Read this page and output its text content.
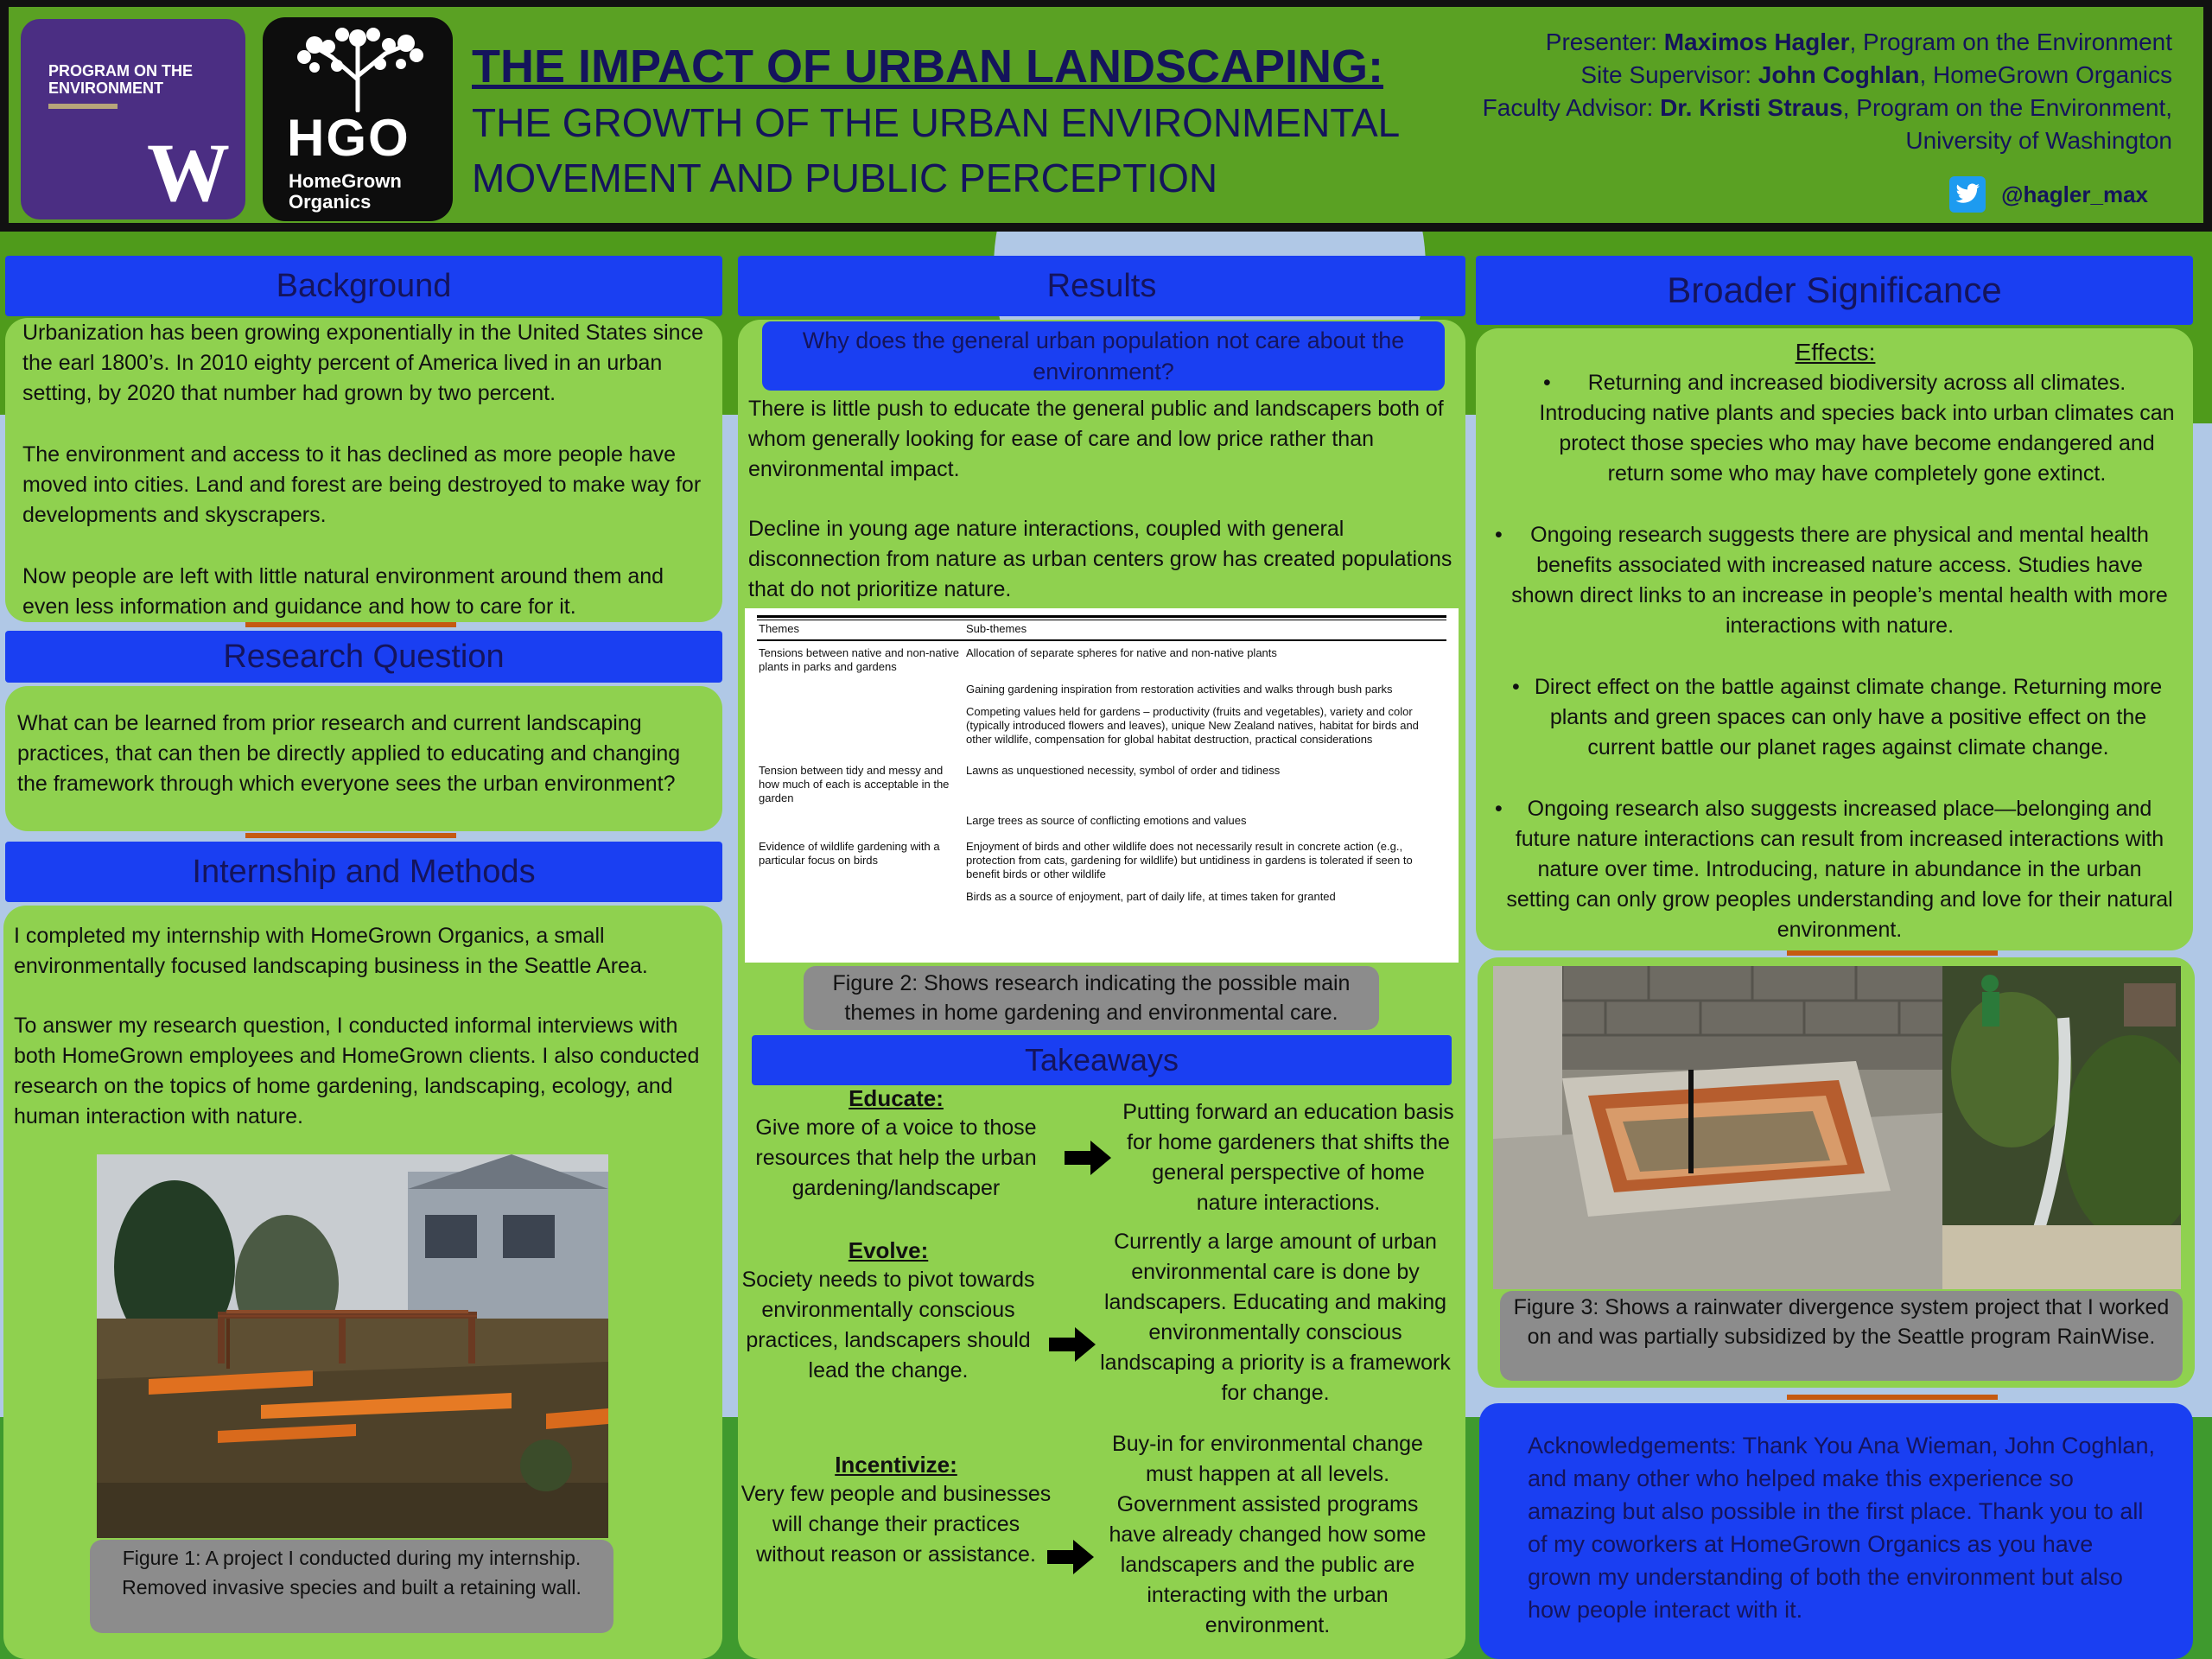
PROGRAM ON THE ENVIRONMENT
W HGO
HomeGrown Organics
THE IMPACT OF URBAN LANDSCAPING:
THE GROWTH OF THE URBAN ENVIRONMENTAL
MOVEMENT AND PUBLIC PERCEPTION
Presenter: Maximos Hagler, Program on the Environment
Site Supervisor: John Coghlan, HomeGrown Organics
Faculty Advisor: Dr. Kristi Straus, Program on the Environment,
University of Washington
@hagler_max
Background

Urbanization has been growing exponentially in the United States since the earl 1800’s. In 2010 eighty percent of America lived in an urban setting, by 2020 that number had grown by two percent.

The environment and access to it has declined as more people have moved into cities. Land and forest are being destroyed to make way for developments and skyscrapers.

Now people are left with little natural environment around them and even less information and guidance and how to care for it.

Research Question

What can be learned from prior research and current landscaping practices, that can then be directly applied to educating and changing the framework through which everyone sees the urban environment?

Internship and Methods

I completed my internship with HomeGrown Organics, a small environmentally focused landscaping business in the Seattle Area.

To answer my research question, I conducted informal interviews with both HomeGrown employees and HomeGrown clients. I also conducted research on the topics of home gardening, landscaping, ecology, and human interaction with nature.

Figure 1: A project I conducted during my internship. Removed invasive species and built a retaining wall.
Results

There is little push to educate the general public and landscapers both of whom generally looking for ease of care and low price rather than environmental impact.

Decline in young age nature interactions, coupled with general disconnection from nature as urban centers grow has created populations that do not prioritize nature.

Why does the general urban population not care about the environment?
Themes	Sub-themes
Tensions between native and non-native plants in parks and gardens	Allocation of separate spheres for native and non-native plants
	Gaining gardening inspiration from restoration activities and walks through bush parks
	Competing values held for gardens – productivity (fruits and vegetables), variety and color (typically introduced flowers and leaves), unique New Zealand natives, habitat for birds and other wildlife, compensation for global habitat destruction, practical considerations
Tension between tidy and messy and how much of each is acceptable in the garden	Lawns as unquestioned necessity, symbol of order and tidiness
	Large trees as source of conflicting emotions and values
Evidence of wildlife gardening with a particular focus on birds	Enjoyment of birds and other wildlife does not necessarily result in concrete action (e.g., protection from cats, gardening for wildlife) but untidiness in gardens is tolerated if seen to benefit birds or other wildlife
	Birds as a source of enjoyment, part of daily life, at times taken for granted
Figure 2: Shows research indicating the possible main themes in home gardening and environmental care.
Takeaways
Educate:
Give more of a voice to those resources that help the urban gardening/landscaper
Putting forward an education basis for home gardeners that shifts the general perspective of home nature interactions.
Evolve:
Society needs to pivot towards environmentally conscious practices, landscapers should lead the change.
Currently a large amount of urban environmental care is done by landscapers. Educating and making environmentally conscious landscaping a priority is a framework for change.
Incentivize:
Very few people and businesses will change their practices without reason or assistance.
Buy-in for environmental change must happen at all levels. Government assisted programs have already changed how some landscapers and the public are interacting with the urban environment.
Broader Significance
Effects:
• Returning and increased biodiversity across all climates. Introducing native plants and species back into urban climates can protect those species who may have become endangered and return some who may have completely gone extinct.
• Ongoing research suggests there are physical and mental health benefits associated with increased nature access. Studies have shown direct links to an increase in people’s mental health with more interactions with nature.
• Direct effect on the battle against climate change. Returning more plants and green spaces can only have a positive effect on the current battle our planet rages against climate change.
• Ongoing research also suggests increased place—belonging and future nature interactions can result from increased interactions with nature over time. Introducing, nature in abundance in the urban setting can only grow peoples understanding and love for their natural environment.
Figure 3: Shows a rainwater divergence system project that I worked on and was partially subsidized by the Seattle program RainWise.
Acknowledgements: Thank You Ana Wieman, John Coghlan, and many other who helped make this experience so amazing but also possible in the first place. Thank you to all of my coworkers at HomeGrown Organics as you have grown my understanding of both the environment but also how people interact with it.
